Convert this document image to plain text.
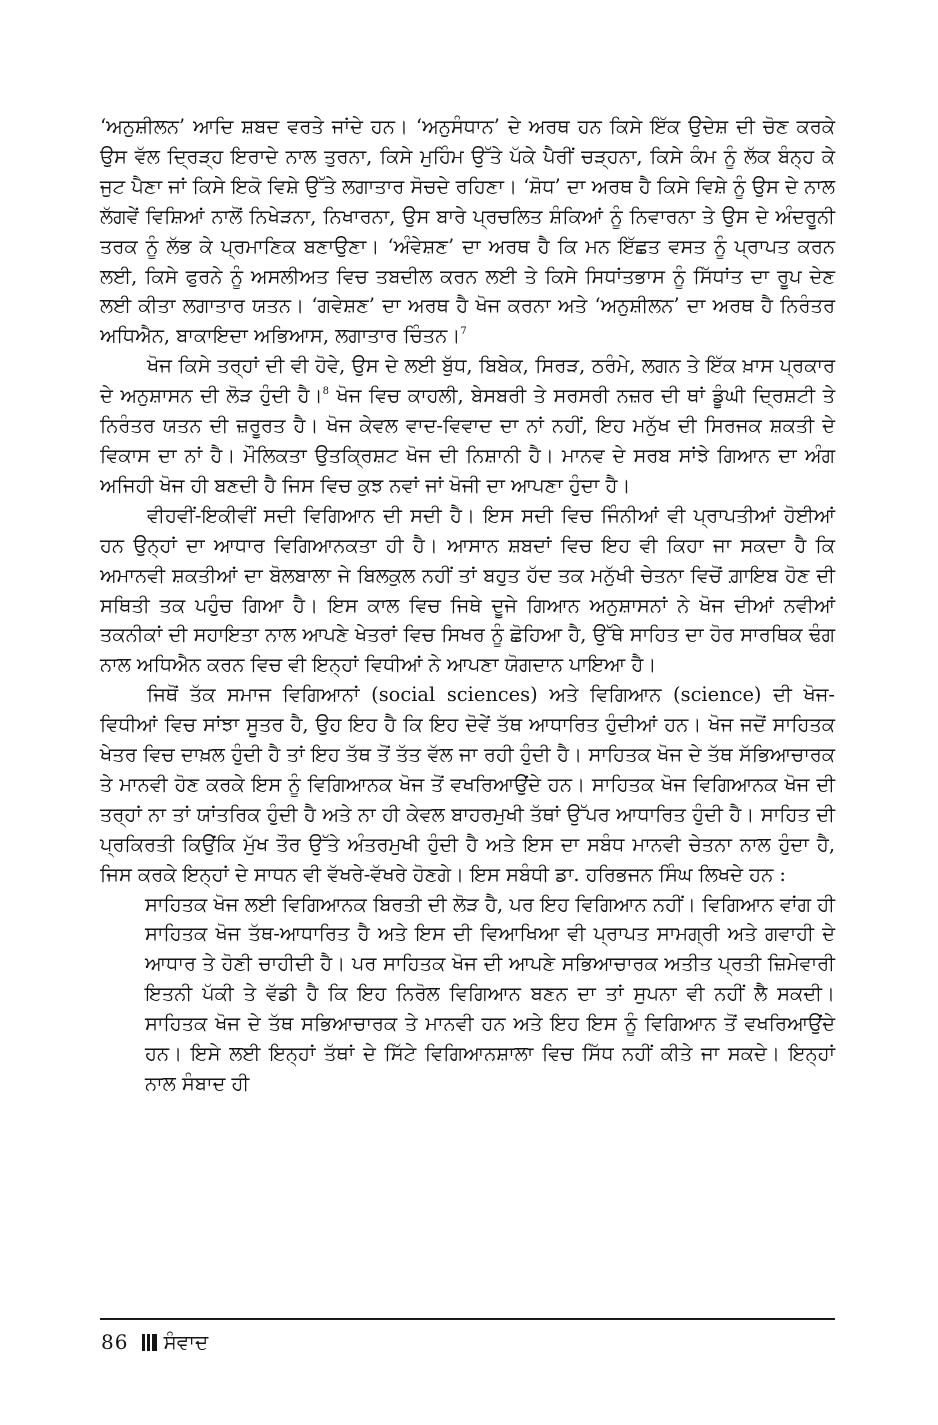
‘ਅਨੁਸ਼ੀਲਨ’ ਆਦਿ ਸ਼ਬਦ ਵਰਤੇ ਜਾਂਦੇ ਹਨ। ‘ਅਨੁਸੰਧਾਨ’ ਦੇ ਅਰਥ ਹਨ ਕਿਸੇ ਇੱਕ ਉਦੇਸ਼ ਦੀ ਚੋਣ ਕਰਕੇ ਉਸ ਵੱਲ ਦ੍ਰਿੜ੍ਹ ਇਰਾਦੇ ਨਾਲ ਤੁਰਨਾ, ਕਿਸੇ ਮੁਹਿੰਮ ਉੱਤੇ ਪੱਕੇ ਪੈਰੀਂ ਚੜ੍ਹਨਾ, ਕਿਸੇ ਕੰਮ ਨੂੰ ਲੱਕ ਬੰਨ੍ਹ ਕੇ ਜੁਟ ਪੈਣਾ ਜਾਂ ਕਿਸੇ ਇਕੋ ਵਿਸ਼ੇ ਉੱਤੇ ਲਗਾਤਾਰ ਸੋਚਦੇ ਰਹਿਣਾ। ‘ਸ਼ੋਧ’ ਦਾ ਅਰਥ ਹੈ ਕਿਸੇ ਵਿਸ਼ੇ ਨੂੰ ਉਸ ਦੇ ਨਾਲ ਲੱਗਵੇਂ ਵਿਸ਼ਿਆਂ ਨਾਲੋਂ ਨਿਖੇੜਨਾ, ਨਿਖਾਰਨਾ, ਉਸ ਬਾਰੇ ਪ੍ਰਚਲਿਤ ਸ਼ੰਕਿਆਂ ਨੂੰ ਨਿਵਾਰਨਾ ਤੇ ਉਸ ਦੇ ਅੰਦਰੂਨੀ ਤਰਕ ਨੂੰ ਲੱਭ ਕੇ ਪ੍ਰਮਾਣਿਕ ਬਣਾਉਣਾ। ‘ਅੰਵੇਸ਼ਣ’ ਦਾ ਅਰਥ ਹੈ ਕਿ ਮਨ ਇੱਛਤ ਵਸਤ ਨੂੰ ਪ੍ਰਾਪਤ ਕਰਨ ਲਈ, ਕਿਸੇ ਫੁਰਨੇ ਨੂੰ ਅਸਲੀਅਤ ਵਿਚ ਤਬਦੀਲ ਕਰਨ ਲਈ ਤੇ ਕਿਸੇ ਸਿਧਾਂਤਭਾਸ ਨੂੰ ਸਿੱਧਾਂਤ ਦਾ ਰੂਪ ਦੇਣ ਲਈ ਕੀਤਾ ਲਗਾਤਾਰ ਯਤਨ। ‘ਗਵੇਸ਼ਣ’ ਦਾ ਅਰਥ ਹੈ ਖੋਜ ਕਰਨਾ ਅਤੇ ‘ਅਨੁਸ਼ੀਲਨ’ ਦਾ ਅਰਥ ਹੈ ਨਿਰੰਤਰ ਅਧਿਐਨ, ਬਾਕਾਇਦਾ ਅਭਿਆਸ, ਲਗਾਤਾਰ ਚਿੰਤਨ।$^7$

ਖੋਜ ਕਿਸੇ ਤਰ੍ਹਾਂ ਦੀ ਵੀ ਹੋਵੇ, ਉਸ ਦੇ ਲਈ ਬੁੱਧ, ਬਿਬੇਕ, ਸਿਰੜ, ਠਰੰਮੇ, ਲਗਨ ਤੇ ਇੱਕ ਖ਼ਾਸ ਪ੍ਰਕਾਰ ਦੇ ਅਨੁਸ਼ਾਸਨ ਦੀ ਲੋੜ ਹੁੰਦੀ ਹੈ।$^8$ ਖੋਜ ਵਿਚ ਕਾਹਲੀ, ਬੇਸਬਰੀ ਤੇ ਸਰਸਰੀ ਨਜ਼ਰ ਦੀ ਥਾਂ ਡੂੰਘੀ ਦ੍ਰਿਸ਼ਟੀ ਤੇ ਨਿਰੰਤਰ ਯਤਨ ਦੀ ਜ਼ਰੂਰਤ ਹੈ। ਖੋਜ ਕੇਵਲ ਵਾਦ-ਵਿਵਾਦ ਦਾ ਨਾਂ ਨਹੀਂ, ਇਹ ਮਨੁੱਖ ਦੀ ਸਿਰਜਕ ਸ਼ਕਤੀ ਦੇ ਵਿਕਾਸ ਦਾ ਨਾਂ ਹੈ। ਮੌਲਿਕਤਾ ਉਤਕ੍ਰਿਸ਼ਟ ਖੋਜ ਦੀ ਨਿਸ਼ਾਨੀ ਹੈ। ਮਾਨਵ ਦੇ ਸਰਬ ਸਾਂਝੇ ਗਿਆਨ ਦਾ ਅੰਗ ਅਜਿਹੀ ਖੋਜ ਹੀ ਬਣਦੀ ਹੈ ਜਿਸ ਵਿਚ ਕੁਝ ਨਵਾਂ ਜਾਂ ਖੋਜੀ ਦਾ ਆਪਣਾ ਹੁੰਦਾ ਹੈ।

ਵੀਹਵੀਂ-ਇਕੀਵੀਂ ਸਦੀ ਵਿਗਿਆਨ ਦੀ ਸਦੀ ਹੈ। ਇਸ ਸਦੀ ਵਿਚ ਜਿੰਨੀਆਂ ਵੀ ਪ੍ਰਾਪਤੀਆਂ ਹੋਈਆਂ ਹਨ ਉਨ੍ਹਾਂ ਦਾ ਆਧਾਰ ਵਿਗਿਆਨਕਤਾ ਹੀ ਹੈ। ਆਸਾਨ ਸ਼ਬਦਾਂ ਵਿਚ ਇਹ ਵੀ ਕਿਹਾ ਜਾ ਸਕਦਾ ਹੈ ਕਿ ਅਮਾਨਵੀ ਸ਼ਕਤੀਆਂ ਦਾ ਬੋਲਬਾਲਾ ਜੇ ਬਿਲਕੁਲ ਨਹੀਂ ਤਾਂ ਬਹੁਤ ਹੱਦ ਤਕ ਮਨੁੱਖੀ ਚੇਤਨਾ ਵਿਚੋਂ ਗ਼ਾਇਬ ਹੋਣ ਦੀ ਸਥਿਤੀ ਤਕ ਪਹੁੰਚ ਗਿਆ ਹੈ। ਇਸ ਕਾਲ ਵਿਚ ਜਿਥੇ ਦੂਜੇ ਗਿਆਨ ਅਨੁਸ਼ਾਸਨਾਂ ਨੇ ਖੋਜ ਦੀਆਂ ਨਵੀਆਂ ਤਕਨੀਕਾਂ ਦੀ ਸਹਾਇਤਾ ਨਾਲ ਆਪਣੇ ਖੇਤਰਾਂ ਵਿਚ ਸਿਖਰ ਨੂੰ ਛੋਹਿਆ ਹੈ, ਉੱਥੇ ਸਾਹਿਤ ਦਾ ਹੋਰ ਸਾਰਥਿਕ ਢੰਗ ਨਾਲ ਅਧਿਐਨ ਕਰਨ ਵਿਚ ਵੀ ਇਨ੍ਹਾਂ ਵਿਧੀਆਂ ਨੇ ਆਪਣਾ ਯੋਗਦਾਨ ਪਾਇਆ ਹੈ।

ਜਿਥੋਂ ਤੱਕ ਸਮਾਜ ਵਿਗਿਆਨਾਂ (social sciences) ਅਤੇ ਵਿਗਿਆਨ (science) ਦੀ ਖੋਜ-ਵਿਧੀਆਂ ਵਿਚ ਸਾਂਝਾ ਸੂਤਰ ਹੈ, ਉਹ ਇਹ ਹੈ ਕਿ ਇਹ ਦੋਵੇਂ ਤੱਥ ਆਧਾਰਿਤ ਹੁੰਦੀਆਂ ਹਨ। ਖੋਜ ਜਦੋਂ ਸਾਹਿਤਕ ਖੇਤਰ ਵਿਚ ਦਾਖ਼ਲ ਹੁੰਦੀ ਹੈ ਤਾਂ ਇਹ ਤੱਥ ਤੋਂ ਤੱਤ ਵੱਲ ਜਾ ਰਹੀ ਹੁੰਦੀ ਹੈ। ਸਾਹਿਤਕ ਖੋਜ ਦੇ ਤੱਥ ਸੱਭਿਆਚਾਰਕ ਤੇ ਮਾਨਵੀ ਹੋਣ ਕਰਕੇ ਇਸ ਨੂੰ ਵਿਗਿਆਨਕ ਖੋਜ ਤੋਂ ਵਖਰਿਆਉਂਦੇ ਹਨ। ਸਾਹਿਤਕ ਖੋਜ ਵਿਗਿਆਨਕ ਖੋਜ ਦੀ ਤਰ੍ਹਾਂ ਨਾ ਤਾਂ ਯਾਂਤਰਿਕ ਹੁੰਦੀ ਹੈ ਅਤੇ ਨਾ ਹੀ ਕੇਵਲ ਬਾਹਰਮੁਖੀ ਤੱਥਾਂ ਉੱਪਰ ਆਧਾਰਿਤ ਹੁੰਦੀ ਹੈ। ਸਾਹਿਤ ਦੀ ਪ੍ਰਕਿਰਤੀ ਕਿਉਂਕਿ ਮੁੱਖ ਤੌਰ ਉੱਤੇ ਅੰਤਰਮੁਖੀ ਹੁੰਦੀ ਹੈ ਅਤੇ ਇਸ ਦਾ ਸਬੰਧ ਮਾਨਵੀ ਚੇਤਨਾ ਨਾਲ ਹੁੰਦਾ ਹੈ, ਜਿਸ ਕਰਕੇ ਇਨ੍ਹਾਂ ਦੇ ਸਾਧਨ ਵੀ ਵੱਖਰੇ-ਵੱਖਰੇ ਹੋਣਗੇ। ਇਸ ਸਬੰਧੀ ਡਾ. ਹਰਿਭਜਨ ਸਿੰਘ ਲਿਖਦੇ ਹਨ :

ਸਾਹਿਤਕ ਖੋਜ ਲਈ ਵਿਗਿਆਨਕ ਬਿਰਤੀ ਦੀ ਲੋੜ ਹੈ, ਪਰ ਇਹ ਵਿਗਿਆਨ ਨਹੀਂ। ਵਿਗਿਆਨ ਵਾਂਗ ਹੀ ਸਾਹਿਤਕ ਖੋਜ ਤੱਥ-ਆਧਾਰਿਤ ਹੈ ਅਤੇ ਇਸ ਦੀ ਵਿਆਖਿਆ ਵੀ ਪ੍ਰਾਪਤ ਸਾਮਗ੍ਰੀ ਅਤੇ ਗਵਾਹੀ ਦੇ ਆਧਾਰ ਤੇ ਹੋਣੀ ਚਾਹੀਦੀ ਹੈ। ਪਰ ਸਾਹਿਤਕ ਖੋਜ ਦੀ ਆਪਣੇ ਸਭਿਆਚਾਰਕ ਅਤੀਤ ਪ੍ਰਤੀ ਜ਼ਿਮੇਵਾਰੀ ਇਤਨੀ ਪੱਕੀ ਤੇ ਵੱਡੀ ਹੈ ਕਿ ਇਹ ਨਿਰੋਲ ਵਿਗਿਆਨ ਬਣਨ ਦਾ ਤਾਂ ਸੁਪਨਾ ਵੀ ਨਹੀਂ ਲੈ ਸਕਦੀ। ਸਾਹਿਤਕ ਖੋਜ ਦੇ ਤੱਥ ਸਭਿਆਚਾਰਕ ਤੇ ਮਾਨਵੀ ਹਨ ਅਤੇ ਇਹ ਇਸ ਨੂੰ ਵਿਗਿਆਨ ਤੋਂ ਵਖਰਿਆਉਂਦੇ ਹਨ। ਇਸੇ ਲਈ ਇਨ੍ਹਾਂ ਤੱਥਾਂ ਦੇ ਸਿੱਟੇ ਵਿਗਿਆਨਸ਼ਾਲਾ ਵਿਚ ਸਿੱਧ ਨਹੀਂ ਕੀਤੇ ਜਾ ਸਕਦੇ। ਇਨ੍ਹਾਂ ਨਾਲ ਸੰਬਾਦ ਹੀ

86 ਸੰਵਾਦ
